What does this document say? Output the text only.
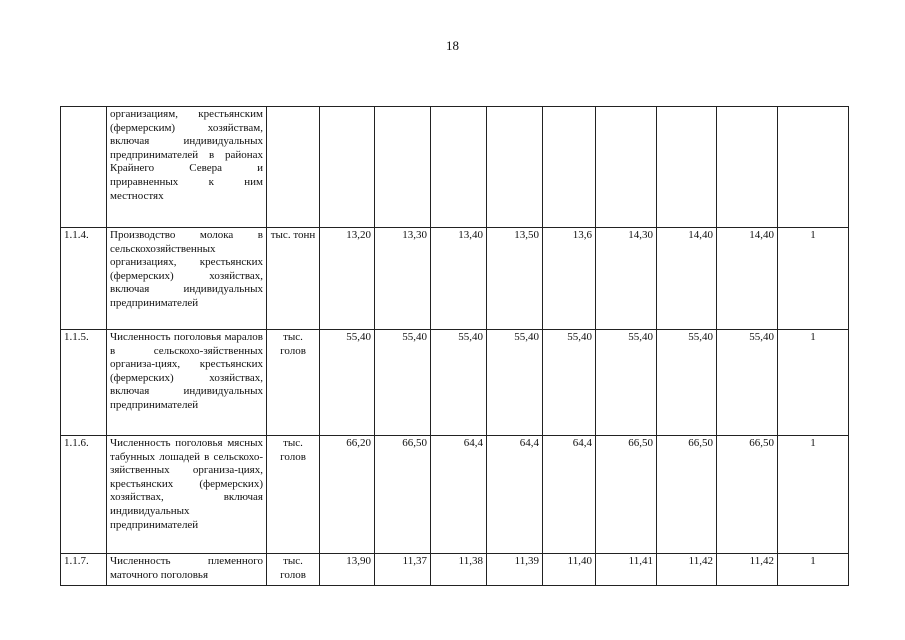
18
	организациям, крестьянским (фермерским) хозяйствам, включая индивидуальных предпринимателей в районах Крайнего Севера и приравненных к ним местностях										
1.1.4.	Производство молока в сельскохозяйственных организациях, крестьянских (фермерских) хозяйствах, включая индивидуальных предпринимателей	тыс. тонн	13,20	13,30	13,40	13,50	13,6	14,30	14,40	14,40	1
1.1.5.	Численность поголовья маралов в сельскохо-зяйственных организа-циях, крестьянских (фермерских) хозяйствах, включая индивидуальных предпринимателей	тыс. голов	55,40	55,40	55,40	55,40	55,40	55,40	55,40	55,40	1
1.1.6.	Численность поголовья мясных табунных лошадей в сельскохо-зяйственных организа-циях, крестьянских (фермерских) хозяйствах, включая индивидуальных предпринимателей	тыс. голов	66,20	66,50	64,4	64,4	64,4	66,50	66,50	66,50	1
1.1.7.	Численность племенного маточного поголовья	тыс. голов	13,90	11,37	11,38	11,39	11,40	11,41	11,42	11,42	1
